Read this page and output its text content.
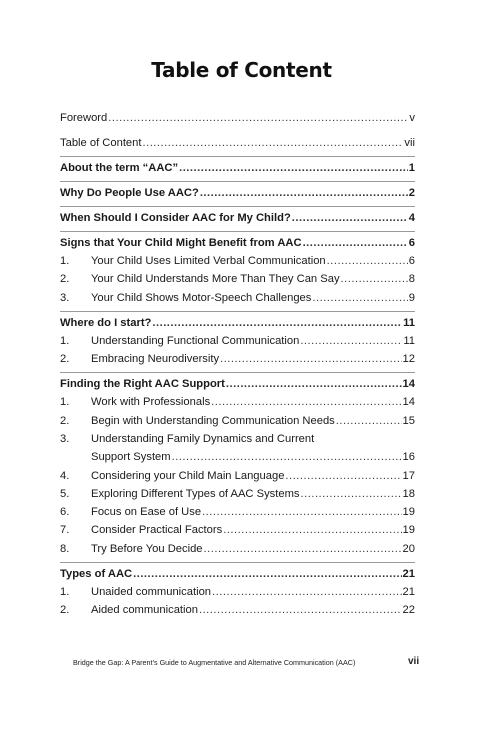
Table of Content
Foreword .....	v
Table of Content .....	vii
About the term “AAC” .....	1
Why Do People Use AAC? .....	2
When Should I Consider AAC for My Child? .....	4
Signs that Your Child Might Benefit from AAC .....	6
1.	Your Child Uses Limited Verbal Communication .....	6
2.	Your Child Understands More Than They Can Say .....	8
3.	Your Child Shows Motor-Speech Challenges .....	9
Where do I start? .....	11
1.	Understanding Functional Communication .....	11
2.	Embracing Neurodiversity .....	12
Finding the Right AAC Support .....	14
1.	Work with Professionals .....	14
2.	Begin with Understanding Communication Needs .....	15
3.	Understanding Family Dynamics and Current
Support System .....	16
4.	Considering your Child Main Language .....	17
5.	Exploring Different Types of AAC Systems .....	18
6.	Focus on Ease of Use .....	19
7.	Consider Practical Factors .....	19
8.	Try Before You Decide .....	20
Types of AAC .....	21
1.	Unaided communication .....	21
2.	Aided communication .....	22
Bridge the Gap: A Parent’s Guide to Augmentative and Alternative Communication (AAC)	vii
